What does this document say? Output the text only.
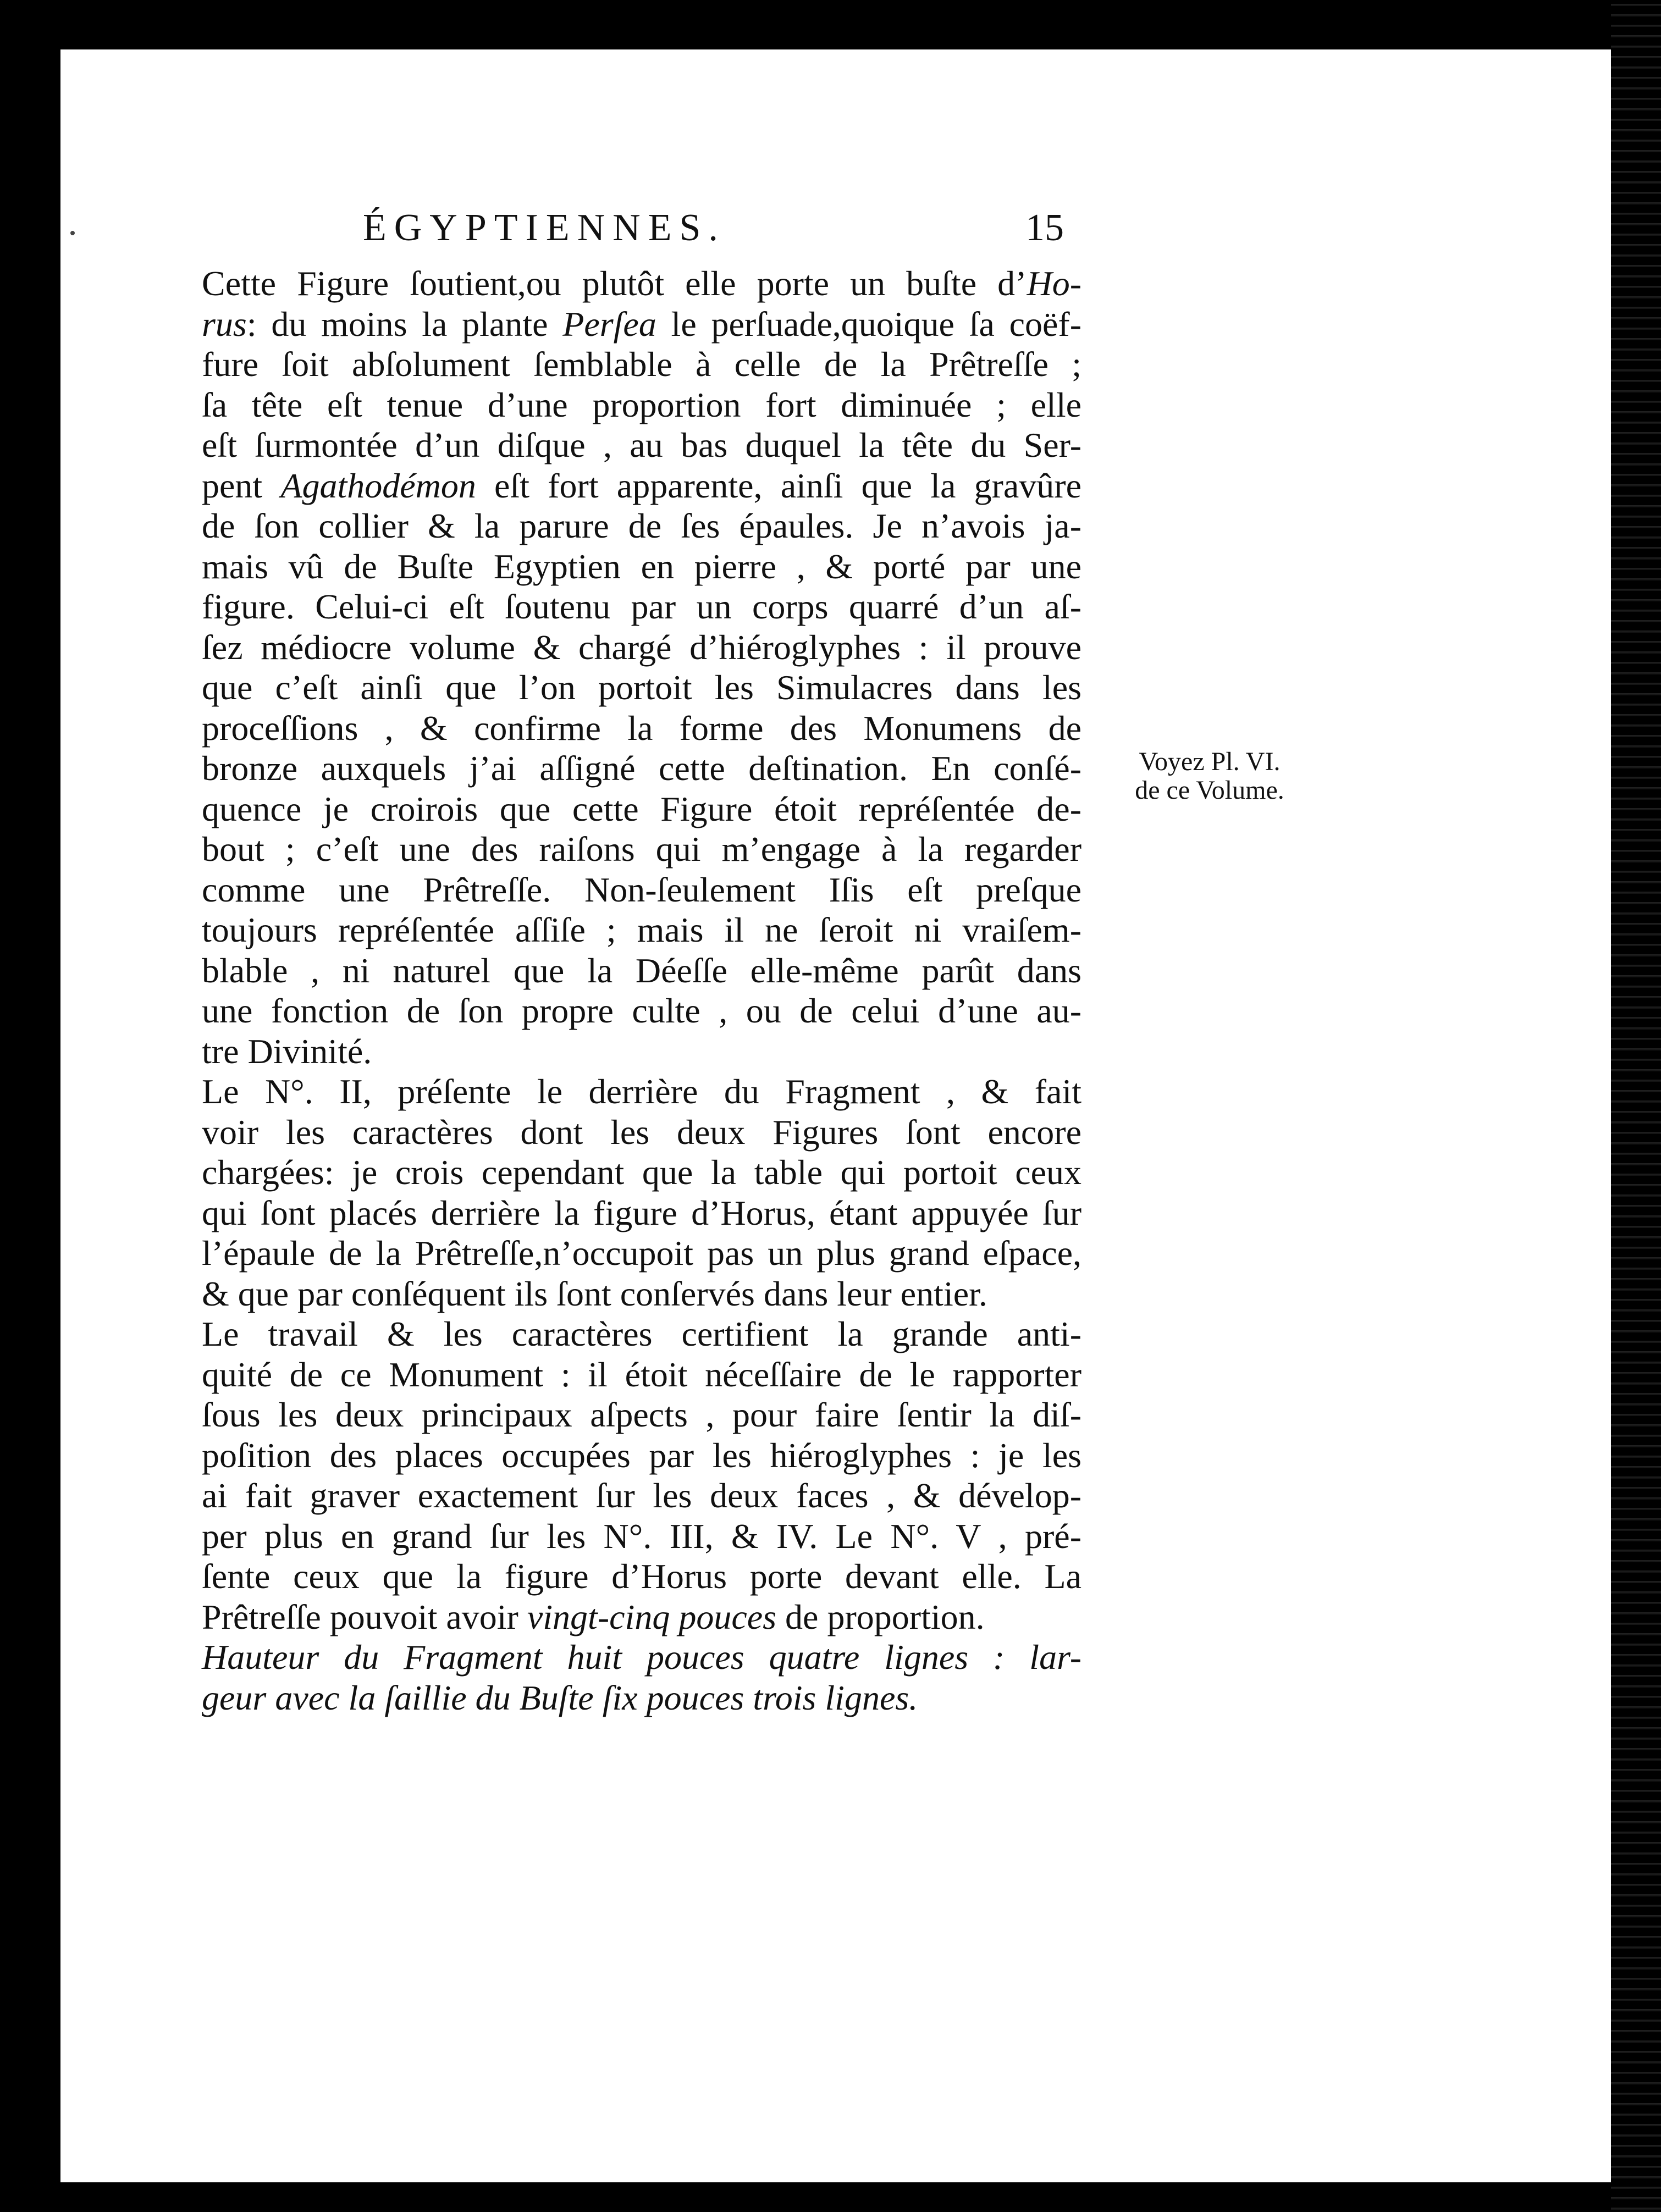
ÉGYPTIENNES.	15
Cette Figure ſoutient,ou plutôt elle porte un buſte d’Ho-
rus: du moins la plante Perſea le perſuade,quoique ſa coëf-
fure ſoit abſolument ſemblable à celle de la Prêtreſſe ;
ſa tête eſt tenue d’une proportion fort diminuée ; elle
eſt ſurmontée d’un diſque , au bas duquel la tête du Ser-
pent Agathodémon eſt fort apparente, ainſi que la gravûre
de ſon collier & la parure de ſes épaules. Je n’avois ja-
mais vû de Buſte Egyptien en pierre , & porté par une
figure. Celui-ci eſt ſoutenu par un corps quarré d’un aſ-
ſez médiocre volume & chargé d’hiéroglyphes : il prouve
que c’eſt ainſi que l’on portoit les Simulacres dans les
proceſſions , & confirme la forme des Monumens de
bronze auxquels j’ai aſſigné cette deſtination. En conſé-
quence je croirois que cette Figure étoit repréſentée de-
bout ; c’eſt une des raiſons qui m’engage à la regarder
comme une Prêtreſſe. Non-ſeulement Iſis eſt preſque
toujours repréſentée aſſiſe ; mais il ne ſeroit ni vraiſem-
blable , ni naturel que la Déeſſe elle-même parût dans
une fonction de ſon propre culte , ou de celui d’une au-
tre Divinité.
Le N°. II, préſente le derrière du Fragment , & fait
voir les caractères dont les deux Figures ſont encore
chargées: je crois cependant que la table qui portoit ceux
qui ſont placés derrière la figure d’Horus, étant appuyée ſur
l’épaule de la Prêtreſſe,n’occupoit pas un plus grand eſpace,
& que par conſéquent ils ſont conſervés dans leur entier.
Le travail & les caractères certifient la grande anti-
quité de ce Monument : il étoit néceſſaire de le rapporter
ſous les deux principaux aſpects , pour faire ſentir la diſ-
poſition des places occupées par les hiéroglyphes : je les
ai fait graver exactement ſur les deux faces , & dévelop-
per plus en grand ſur les N°. III, & IV. Le N°. V , pré-
ſente ceux que la figure d’Horus porte devant elle. La
Prêtreſſe pouvoit avoir vingt-cinq pouces de proportion.
Hauteur du Fragment huit pouces quatre lignes : lar-
geur avec la ſaillie du Buſte ſix pouces trois lignes.
Voyez Pl. VI.
de ce Volume.
